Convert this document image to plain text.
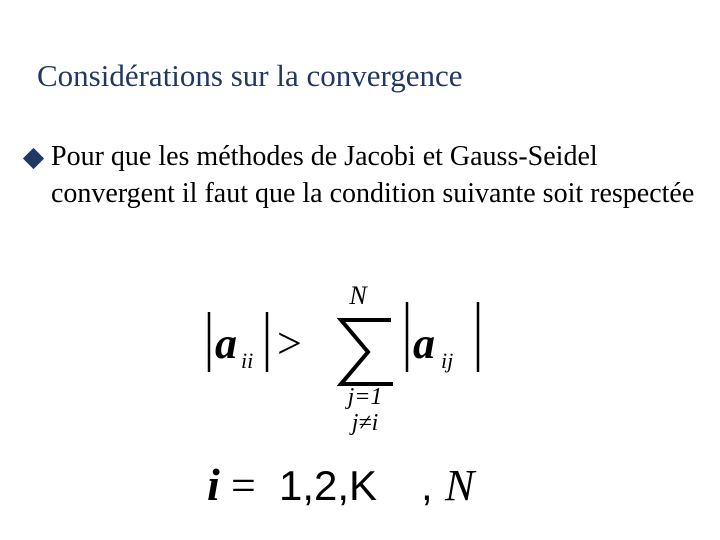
Considérations sur la convergence
Pour que les méthodes de Jacobi et Gauss-Seidel convergent il faut que la condition suivante soit respectée
a ii >
N
j=1
j≠i
a ij
i = 1,2,K , N
